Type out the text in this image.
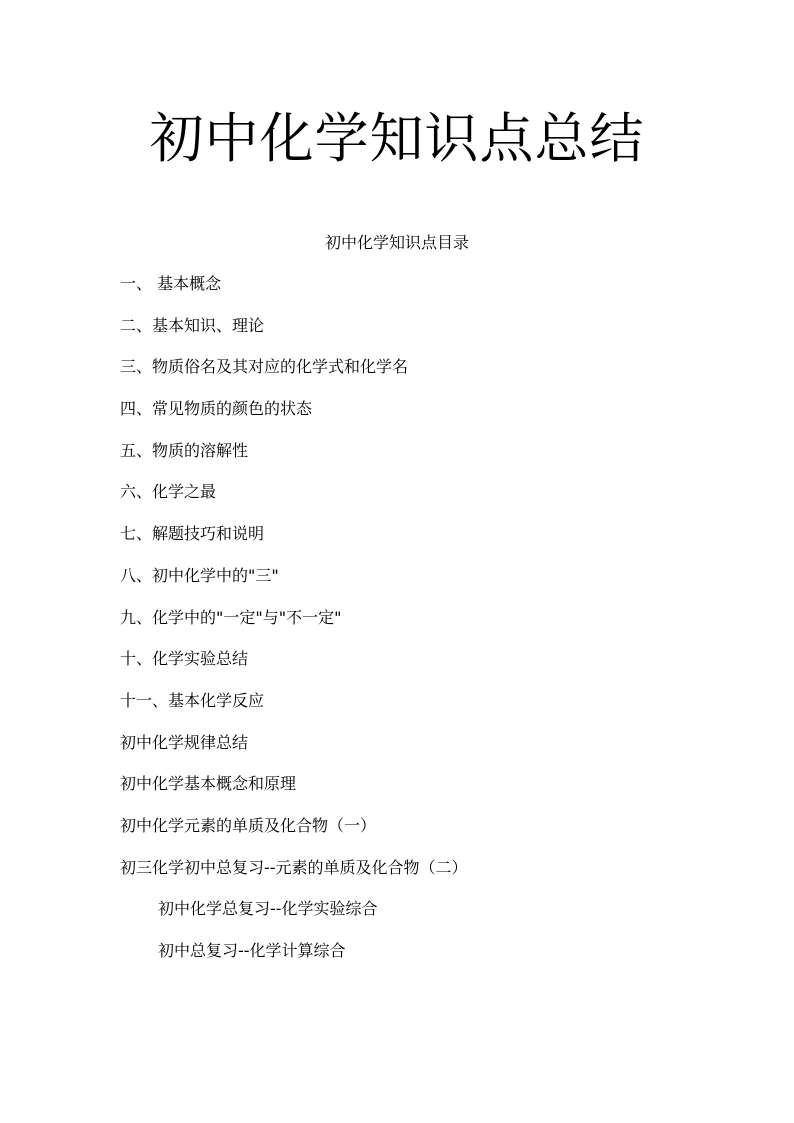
初中化学知识点总结

初中化学知识点目录

一、 基本概念
二、基本知识、理论
三、物质俗名及其对应的化学式和化学名
四、常见物质的颜色的状态
五、物质的溶解性
六、化学之最
七、解题技巧和说明
八、初中化学中的"三"
九、化学中的"一定"与"不一定"
十、化学实验总结
十一、基本化学反应
初中化学规律总结
初中化学基本概念和原理
初中化学元素的单质及化合物（一）
初三化学初中总复习--元素的单质及化合物（二）
初中化学总复习--化学实验综合
初中总复习--化学计算综合
